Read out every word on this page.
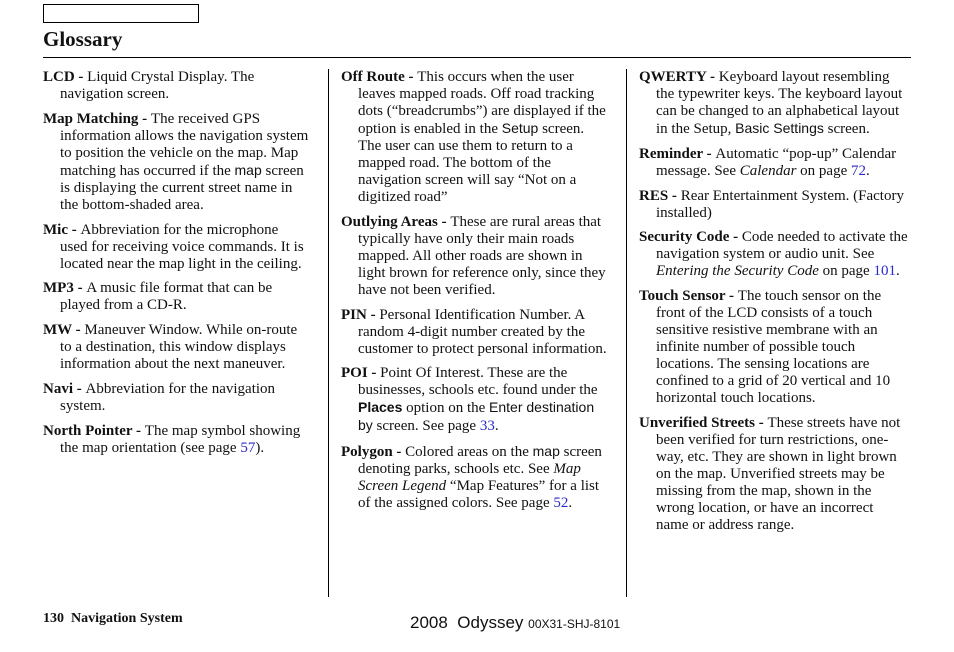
Glossary

LCD - Liquid Crystal Display. The navigation screen.

Map Matching - The received GPS information allows the navigation system to position the vehicle on the map. Map matching has occurred if the map screen is displaying the current street name in the bottom-shaded area.

Mic - Abbreviation for the microphone used for receiving voice commands. It is located near the map light in the ceiling.

MP3 - A music file format that can be played from a CD-R.

MW - Maneuver Window. While on-route to a destination, this window displays information about the next maneuver.

Navi - Abbreviation for the navigation system.

North Pointer - The map symbol showing the map orientation (see page 57).

Off Route - This occurs when the user leaves mapped roads. Off road tracking dots (“breadcrumbs”) are displayed if the option is enabled in the Setup screen. The user can use them to return to a mapped road. The bottom of the navigation screen will say “Not on a digitized road”

Outlying Areas - These are rural areas that typically have only their main roads mapped. All other roads are shown in light brown for reference only, since they have not been verified.

PIN - Personal Identification Number. A random 4-digit number created by the customer to protect personal information.

POI - Point Of Interest. These are the businesses, schools etc. found under the Places option on the Enter destination by screen. See page 33.

Polygon - Colored areas on the map screen denoting parks, schools etc. See Map Screen Legend “Map Features” for a list of the assigned colors. See page 52.

QWERTY - Keyboard layout resembling the typewriter keys. The keyboard layout can be changed to an alphabetical layout in the Setup, Basic Settings screen.

Reminder - Automatic “pop-up” Calendar message. See Calendar on page 72.

RES - Rear Entertainment System. (Factory installed)

Security Code - Code needed to activate the navigation system or audio unit. See Entering the Security Code on page 101.

Touch Sensor - The touch sensor on the front of the LCD consists of a touch sensitive resistive membrane with an infinite number of possible touch locations. The sensing locations are confined to a grid of 20 vertical and 10 horizontal touch locations.

Unverified Streets - These streets have not been verified for turn restrictions, one-way, etc. They are shown in light brown on the map. Unverified streets may be missing from the map, shown in the wrong location, or have an incorrect name or address range.

130 Navigation System	2008  Odyssey 00X31-SHJ-8101
